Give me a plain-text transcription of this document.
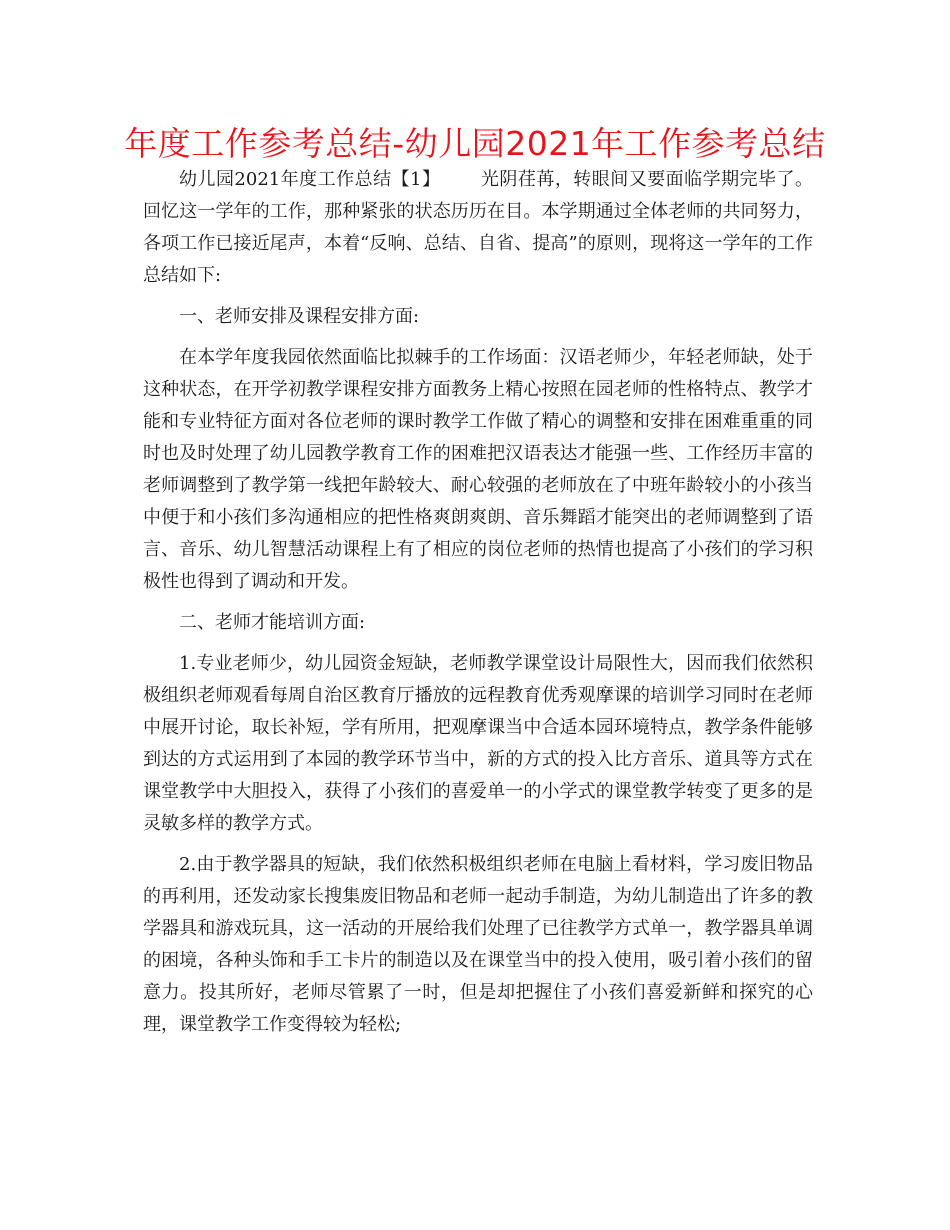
年度工作参考总结-幼儿园2021年工作参考总结

幼儿园2021年度工作总结【1】 光阴荏苒，转眼间又要面临学期完毕了。回忆这一学年的工作，那种紧张的状态历历在目。本学期通过全体老师的共同努力，各项工作已接近尾声，本着“反响、总结、自省、提高”的原则，现将这一学年的工作总结如下:

一、老师安排及课程安排方面:

在本学年度我园依然面临比拟棘手的工作场面：汉语老师少，年轻老师缺，处于这种状态，在开学初教学课程安排方面教务上精心按照在园老师的性格特点、教学才能和专业特征方面对各位老师的课时教学工作做了精心的调整和安排在困难重重的同时也及时处理了幼儿园教学教育工作的困难把汉语表达才能强一些、工作经历丰富的老师调整到了教学第一线把年龄较大、耐心较强的老师放在了中班年龄较小的小孩当中便于和小孩们多沟通相应的把性格爽朗爽朗、音乐舞蹈才能突出的老师调整到了语言、音乐、幼儿智慧活动课程上有了相应的岗位老师的热情也提高了小孩们的学习积极性也得到了调动和开发。

二、老师才能培训方面:

1.专业老师少，幼儿园资金短缺，老师教学课堂设计局限性大，因而我们依然积极组织老师观看每周自治区教育厅播放的远程教育优秀观摩课的培训学习同时在老师中展开讨论，取长补短，学有所用，把观摩课当中合适本园环境特点，教学条件能够到达的方式运用到了本园的教学环节当中，新的方式的投入比方音乐、道具等方式在课堂教学中大胆投入，获得了小孩们的喜爱单一的小学式的课堂教学转变了更多的是灵敏多样的教学方式。

2.由于教学器具的短缺，我们依然积极组织老师在电脑上看材料，学习废旧物品的再利用，还发动家长搜集废旧物品和老师一起动手制造，为幼儿制造出了许多的教学器具和游戏玩具，这一活动的开展给我们处理了已往教学方式单一，教学器具单调的困境，各种头饰和手工卡片的制造以及在课堂当中的投入使用，吸引着小孩们的留意力。投其所好，老师尽管累了一时，但是却把握住了小孩们喜爱新鲜和探究的心理，课堂教学工作变得较为轻松;
